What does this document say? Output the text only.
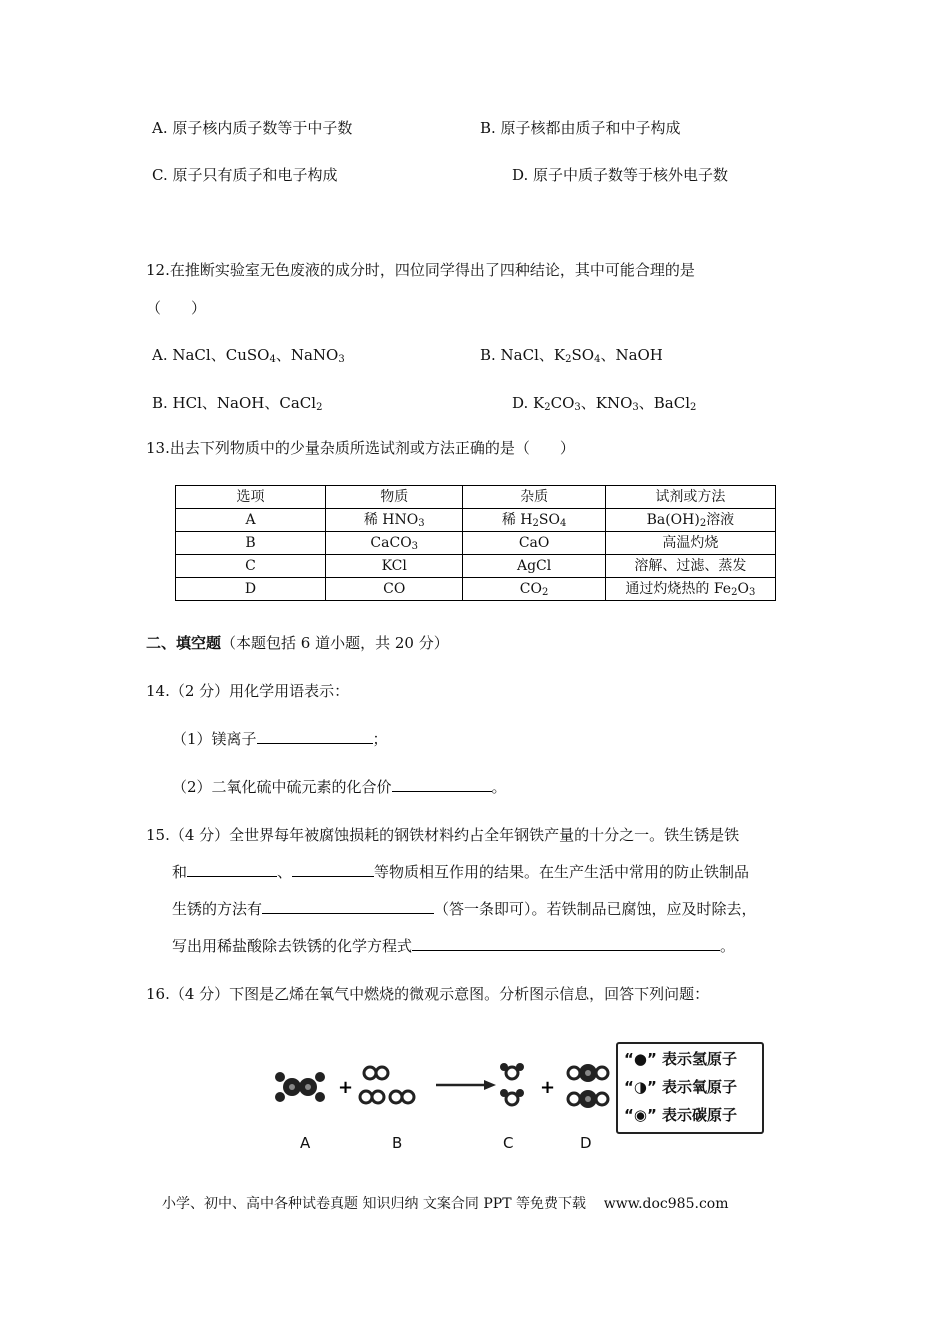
A. 原子核内质子数等于中子数	B. 原子核都由质子和中子构成
C. 原子只有质子和电子构成	D. 原子中质子数等于核外电子数
12.在推断实验室无色废液的成分时，四位同学得出了四种结论，其中可能合理的是
（　　）
A. NaCl、CuSO$_4$、NaNO$_3$	B. NaCl、$K_2SO_4$、NaOH
B. HCl、NaOH、CaCl$_2$	D. $K_2CO_3$、$KNO_3$、BaCl$_2$
13.出去下列物质中的少量杂质所选试剂或方法正确的是（　　）
选项	物质	杂质	试剂或方法
A	稀 $HNO_3$	稀 $H_2SO_4$	$Ba(OH)_2$溶液
B	CaCO$_3$	CaO	高温灼烧
C	KCl	AgCl	溶解、过滤、蒸发
D	CO	$CO_2$	通过灼烧热的 $Fe_2O_3$
二、填空题（本题包括 6 道小题，共 20 分）
14.（2 分）用化学用语表示：
（1）镁离子	；
（2）二氧化硫中硫元素的化合价	。
15.（4 分）全世界每年被腐蚀损耗的钢铁材料约占全年钢铁产量的十分之一。铁生锈是铁
和	、	等物质相互作用的结果。在生产生活中常用的防止铁制品
生锈的方法有	（答一条即可）。若铁制品已腐蚀，应及时除去，
写出用稀盐酸除去铁锈的化学方程式	。
16.（4 分）下图是乙烯在氧气中燃烧的微观示意图。分析图示信息，回答下列问题：
+	+
“●” 表示氢原子
“◑” 表示氧原子
“◉” 表示碳原子
A	B	C	D
小学、初中、高中各种试卷真题 知识归纳 文案合同 PPT 等免费下载 www.doc985.com
